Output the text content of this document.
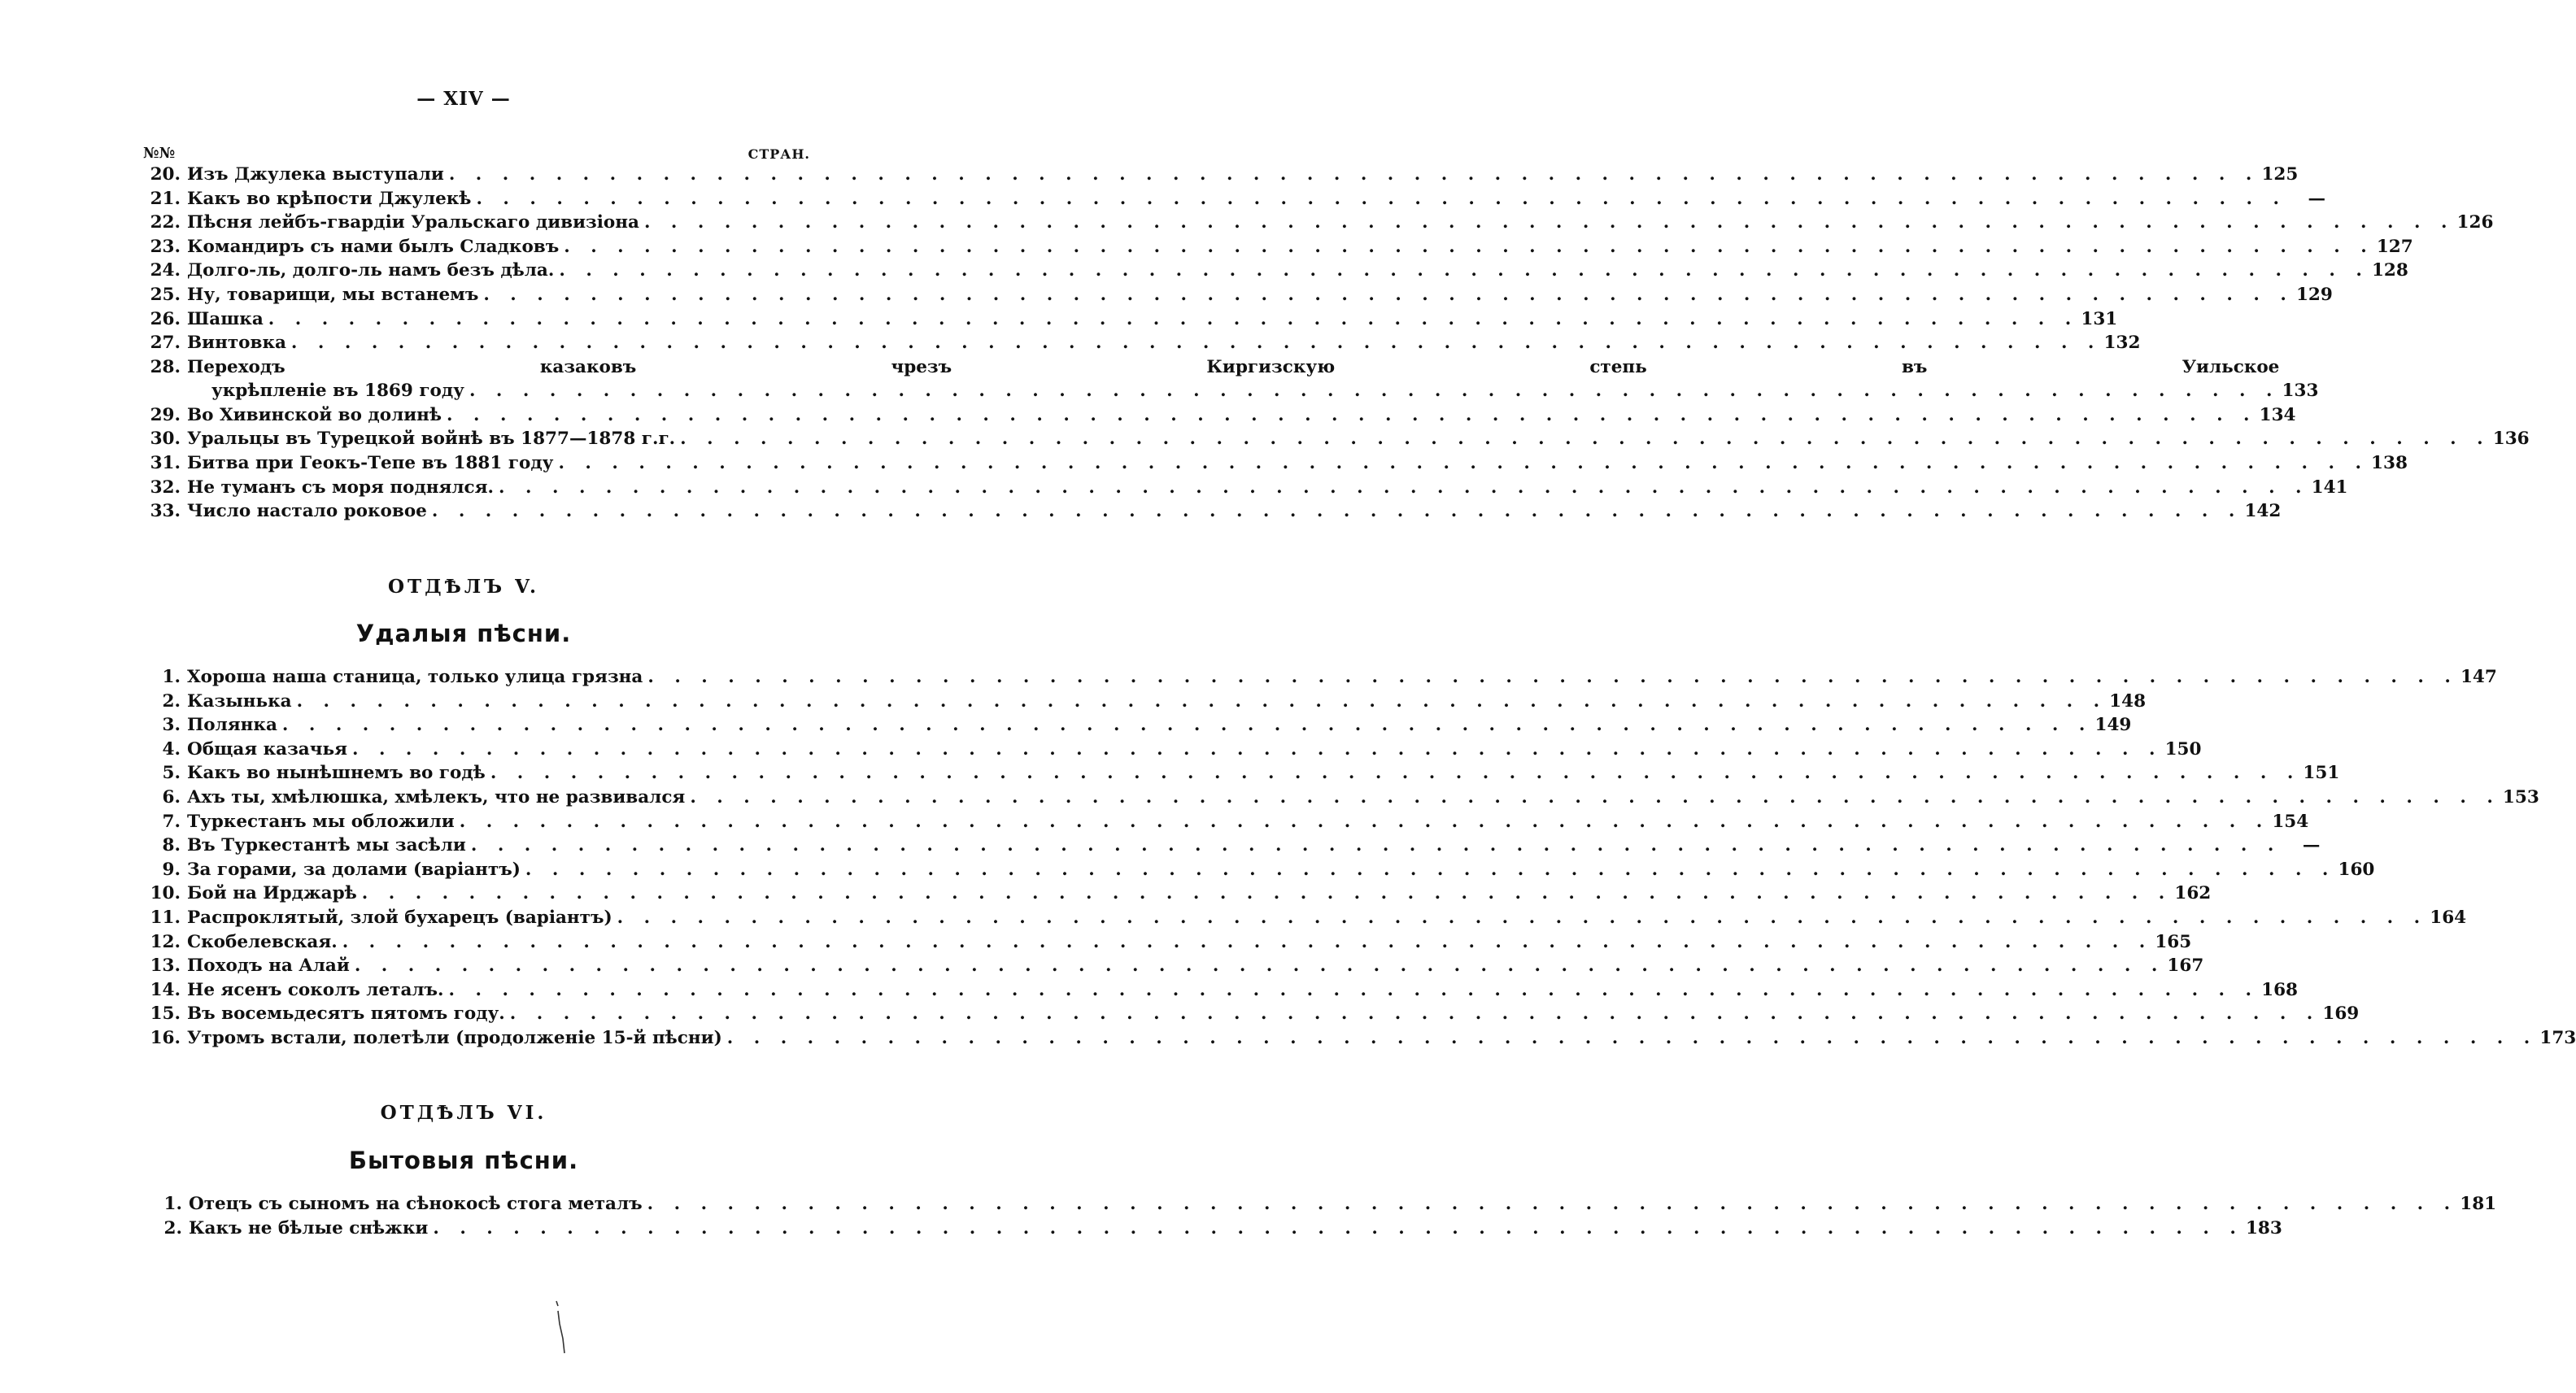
— XIV —
№№	СТРАН.
20. Изъ Джулека выступали . . . . . . . . . . . . . . . . . . . . . . . . . . . . . . . . . . . . . . . . . . . . . . . . . . . . . . . . . . . . . . . . . . . . 125
21. Какъ во крѣпости Джулекѣ . . . . . . . . . . . . . . . . . . . . . . . . . . . . . . . . . . . . . . . . . . . . . . . . . . . . . . . . . . . . . . . . . . . .	—
22. Пѣсня лейбъ-гвардіи Уральскаго дивизіона . . . . . . . . . . . . . . . . . . . . . . . . . . . . . . . . . . . . . . . . . . . . . . . . . . . . . . . . . . . . . . . . . . . . 126
23. Командиръ съ нами былъ Сладковъ . . . . . . . . . . . . . . . . . . . . . . . . . . . . . . . . . . . . . . . . . . . . . . . . . . . . . . . . . . . . . . . . . . . . 127
24. Долго-ль, долго-ль намъ безъ дѣла. . . . . . . . . . . . . . . . . . . . . . . . . . . . . . . . . . . . . . . . . . . . . . . . . . . . . . . . . . . . . . . . . . . . . 128
25. Ну, товарищи, мы встанемъ . . . . . . . . . . . . . . . . . . . . . . . . . . . . . . . . . . . . . . . . . . . . . . . . . . . . . . . . . . . . . . . . . . . . 129
26. Шашка . . . . . . . . . . . . . . . . . . . . . . . . . . . . . . . . . . . . . . . . . . . . . . . . . . . . . . . . . . . . . . . . . . . . 131
27. Винтовка . . . . . . . . . . . . . . . . . . . . . . . . . . . . . . . . . . . . . . . . . . . . . . . . . . . . . . . . . . . . . . . . . . . . 132
28. Переходъ	казаковъ	чрезъ	Киргизскую	степь	въ	Уильское
укрѣпленіе въ 1869 году . . . . . . . . . . . . . . . . . . . . . . . . . . . . . . . . . . . . . . . . . . . . . . . . . . . . . . . . . . . . . . . . . . . . 133
29. Во Хивинской во долинѣ . . . . . . . . . . . . . . . . . . . . . . . . . . . . . . . . . . . . . . . . . . . . . . . . . . . . . . . . . . . . . . . . . . . . 134
30. Уральцы въ Турецкой войнѣ въ 1877—1878 г.г. . . . . . . . . . . . . . . . . . . . . . . . . . . . . . . . . . . . . . . . . . . . . . . . . . . . . . . . . . . . . . . . . . . . . 136
31. Битва при Геокъ-Тепе въ 1881 году . . . . . . . . . . . . . . . . . . . . . . . . . . . . . . . . . . . . . . . . . . . . . . . . . . . . . . . . . . . . . . . . . . . . 138
32. Не туманъ съ моря поднялся. . . . . . . . . . . . . . . . . . . . . . . . . . . . . . . . . . . . . . . . . . . . . . . . . . . . . . . . . . . . . . . . . . . . . 141
33. Число настало роковое . . . . . . . . . . . . . . . . . . . . . . . . . . . . . . . . . . . . . . . . . . . . . . . . . . . . . . . . . . . . . . . . . . . . 142
ОТДѢЛЪ V.
Удалыя пѣсни.
1. Хороша наша станица, только улица грязна . . . . . . . . . . . . . . . . . . . . . . . . . . . . . . . . . . . . . . . . . . . . . . . . . . . . . . . . . . . . . . . . . . . . 147
2. Казынька . . . . . . . . . . . . . . . . . . . . . . . . . . . . . . . . . . . . . . . . . . . . . . . . . . . . . . . . . . . . . . . . . . . . 148
3. Полянка . . . . . . . . . . . . . . . . . . . . . . . . . . . . . . . . . . . . . . . . . . . . . . . . . . . . . . . . . . . . . . . . . . . . 149
4. Общая казачья . . . . . . . . . . . . . . . . . . . . . . . . . . . . . . . . . . . . . . . . . . . . . . . . . . . . . . . . . . . . . . . . . . . . 150
5. Какъ во нынѣшнемъ во годѣ . . . . . . . . . . . . . . . . . . . . . . . . . . . . . . . . . . . . . . . . . . . . . . . . . . . . . . . . . . . . . . . . . . . . 151
6. Ахъ ты, хмѣлюшка, хмѣлекъ, что не развивался . . . . . . . . . . . . . . . . . . . . . . . . . . . . . . . . . . . . . . . . . . . . . . . . . . . . . . . . . . . . . . . . . . . . 153
7. Туркестанъ мы обложили . . . . . . . . . . . . . . . . . . . . . . . . . . . . . . . . . . . . . . . . . . . . . . . . . . . . . . . . . . . . . . . . . . . . 154
8. Въ Туркестантѣ мы засѣли . . . . . . . . . . . . . . . . . . . . . . . . . . . . . . . . . . . . . . . . . . . . . . . . . . . . . . . . . . . . . . . . . . . .	—
9. За горами, за долами (варіантъ) . . . . . . . . . . . . . . . . . . . . . . . . . . . . . . . . . . . . . . . . . . . . . . . . . . . . . . . . . . . . . . . . . . . . 160
10. Бой на Ирджарѣ . . . . . . . . . . . . . . . . . . . . . . . . . . . . . . . . . . . . . . . . . . . . . . . . . . . . . . . . . . . . . . . . . . . . 162
11. Распроклятый, злой бухарецъ (варіантъ) . . . . . . . . . . . . . . . . . . . . . . . . . . . . . . . . . . . . . . . . . . . . . . . . . . . . . . . . . . . . . . . . . . . . 164
12. Скобелевская. . . . . . . . . . . . . . . . . . . . . . . . . . . . . . . . . . . . . . . . . . . . . . . . . . . . . . . . . . . . . . . . . . . . . 165
13. Походъ на Алай . . . . . . . . . . . . . . . . . . . . . . . . . . . . . . . . . . . . . . . . . . . . . . . . . . . . . . . . . . . . . . . . . . . . 167
14. Не ясенъ соколъ леталъ. . . . . . . . . . . . . . . . . . . . . . . . . . . . . . . . . . . . . . . . . . . . . . . . . . . . . . . . . . . . . . . . . . . . . 168
15. Въ восемьдесятъ пятомъ году. . . . . . . . . . . . . . . . . . . . . . . . . . . . . . . . . . . . . . . . . . . . . . . . . . . . . . . . . . . . . . . . . . . . . 169
16. Утромъ встали, полетѣли (продолженіе 15-й пѣсни) . . . . . . . . . . . . . . . . . . . . . . . . . . . . . . . . . . . . . . . . . . . . . . . . . . . . . . . . . . . . . . . . . . . . 173
ОТДѢЛЪ VI.
Бытовыя пѣсни.
1. Отецъ съ сыномъ на сѣнокосѣ стога металъ . . . . . . . . . . . . . . . . . . . . . . . . . . . . . . . . . . . . . . . . . . . . . . . . . . . . . . . . . . . . . . . . . . . . 181
2. Какъ не бѣлые снѣжки . . . . . . . . . . . . . . . . . . . . . . . . . . . . . . . . . . . . . . . . . . . . . . . . . . . . . . . . . . . . . . . . . . . . 183
